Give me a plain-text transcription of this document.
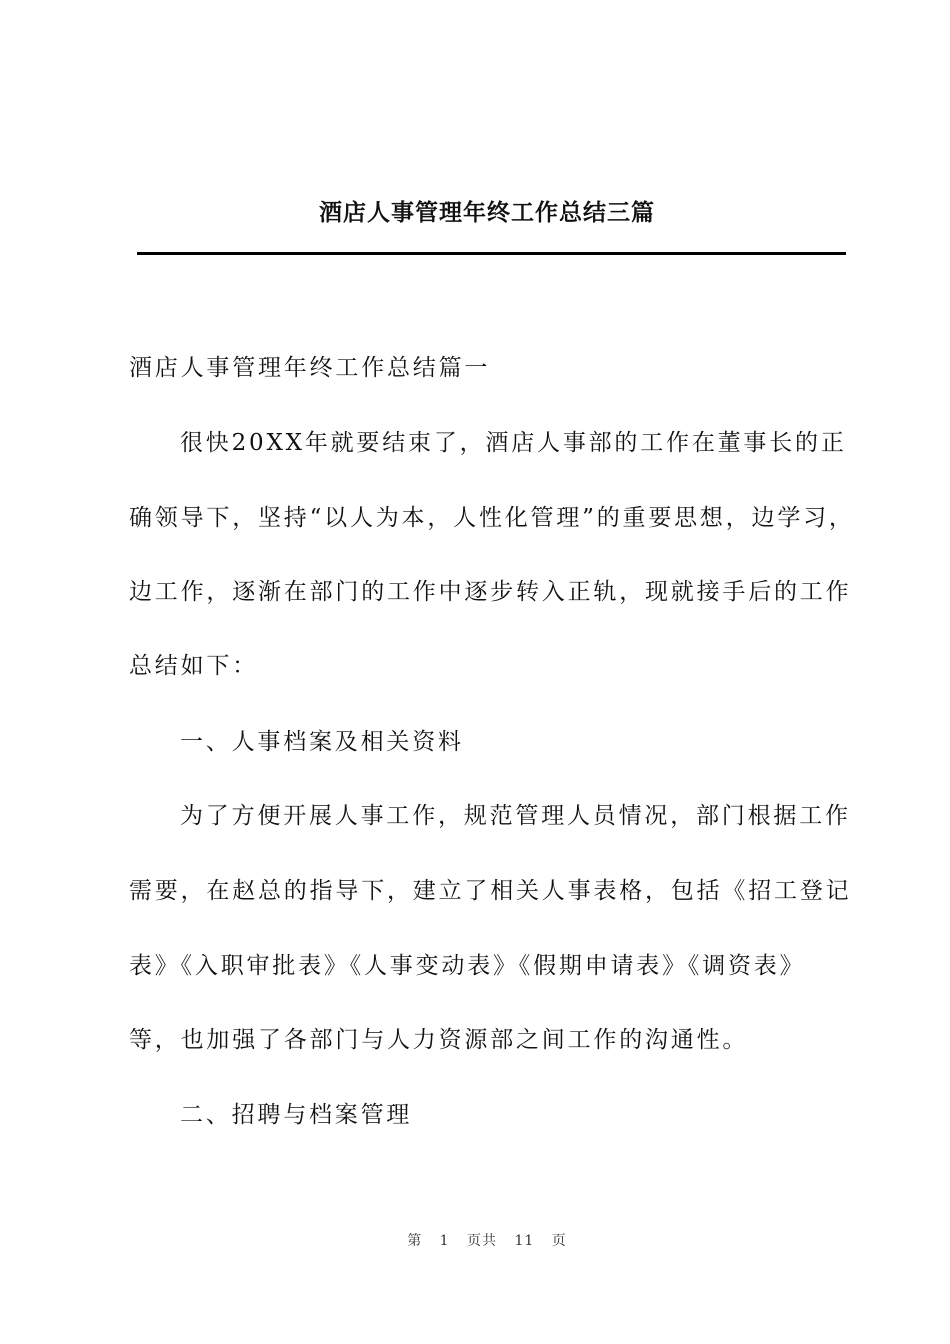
酒店人事管理年终工作总结三篇
酒店人事管理年终工作总结篇一
很快20XX年就要结束了，酒店人事部的工作在董事长的正
确领导下，坚持“以人为本，人性化管理”的重要思想，边学习，
边工作，逐渐在部门的工作中逐步转入正轨，现就接手后的工作
总结如下：
一、人事档案及相关资料
为了方便开展人事工作，规范管理人员情况，部门根据工作
需要，在赵总的指导下，建立了相关人事表格，包括《招工登记
表》《入职审批表》《人事变动表》《假期申请表》《调资表》
等，也加强了各部门与人力资源部之间工作的沟通性。
二、招聘与档案管理
第 1 页共 11 页
